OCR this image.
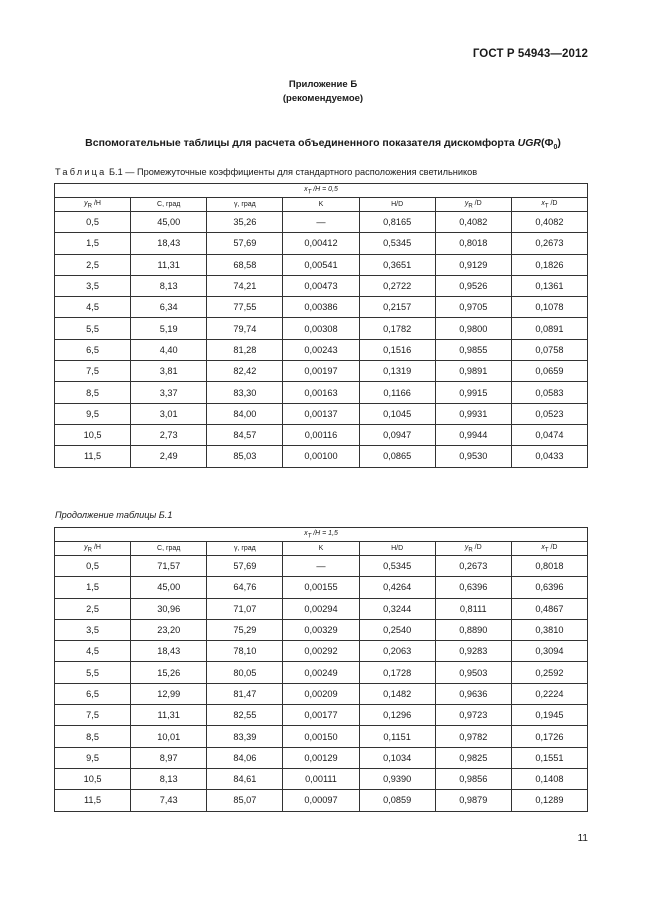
ГОСТ Р 54943—2012
Приложение Б
(рекомендуемое)
Вспомогательные таблицы для расчета объединенного показателя дискомфорта $UGR(Ф_0)$
Таблица Б.1 — Промежуточные коэффициенты для стандартного расположения светильников
$x_T$ /H = 0,5						
$y_R$ /H	C, град	γ, град	K	H/D	$y_R$ /D	$x_T$ /D
0,5	45,00	35,26	—	0,8165	0,4082	0,4082
1,5	18,43	57,69	0,00412	0,5345	0,8018	0,2673
2,5	11,31	68,58	0,00541	0,3651	0,9129	0,1826
3,5	8,13	74,21	0,00473	0,2722	0,9526	0,1361
4,5	6,34	77,55	0,00386	0,2157	0,9705	0,1078
5,5	5,19	79,74	0,00308	0,1782	0,9800	0,0891
6,5	4,40	81,28	0,00243	0,1516	0,9855	0,0758
7,5	3,81	82,42	0,00197	0,1319	0,9891	0,0659
8,5	3,37	83,30	0,00163	0,1166	0,9915	0,0583
9,5	3,01	84,00	0,00137	0,1045	0,9931	0,0523
10,5	2,73	84,57	0,00116	0,0947	0,9944	0,0474
11,5	2,49	85,03	0,00100	0,0865	0,9530	0,0433
Продолжение таблицы Б.1
$x_T$ /H = 1,5						
$y_R$ /H	C, град	γ, град	K	H/D	$y_R$ /D	$x_T$ /D
0,5	71,57	57,69	—	0,5345	0,2673	0,8018
1,5	45,00	64,76	0,00155	0,4264	0,6396	0,6396
2,5	30,96	71,07	0,00294	0,3244	0,8111	0,4867
3,5	23,20	75,29	0,00329	0,2540	0,8890	0,3810
4,5	18,43	78,10	0,00292	0,2063	0,9283	0,3094
5,5	15,26	80,05	0,00249	0,1728	0,9503	0,2592
6,5	12,99	81,47	0,00209	0,1482	0,9636	0,2224
7,5	11,31	82,55	0,00177	0,1296	0,9723	0,1945
8,5	10,01	83,39	0,00150	0,1151	0,9782	0,1726
9,5	8,97	84,06	0,00129	0,1034	0,9825	0,1551
10,5	8,13	84,61	0,00111	0,9390	0,9856	0,1408
11,5	7,43	85,07	0,00097	0,0859	0,9879	0,1289
11
